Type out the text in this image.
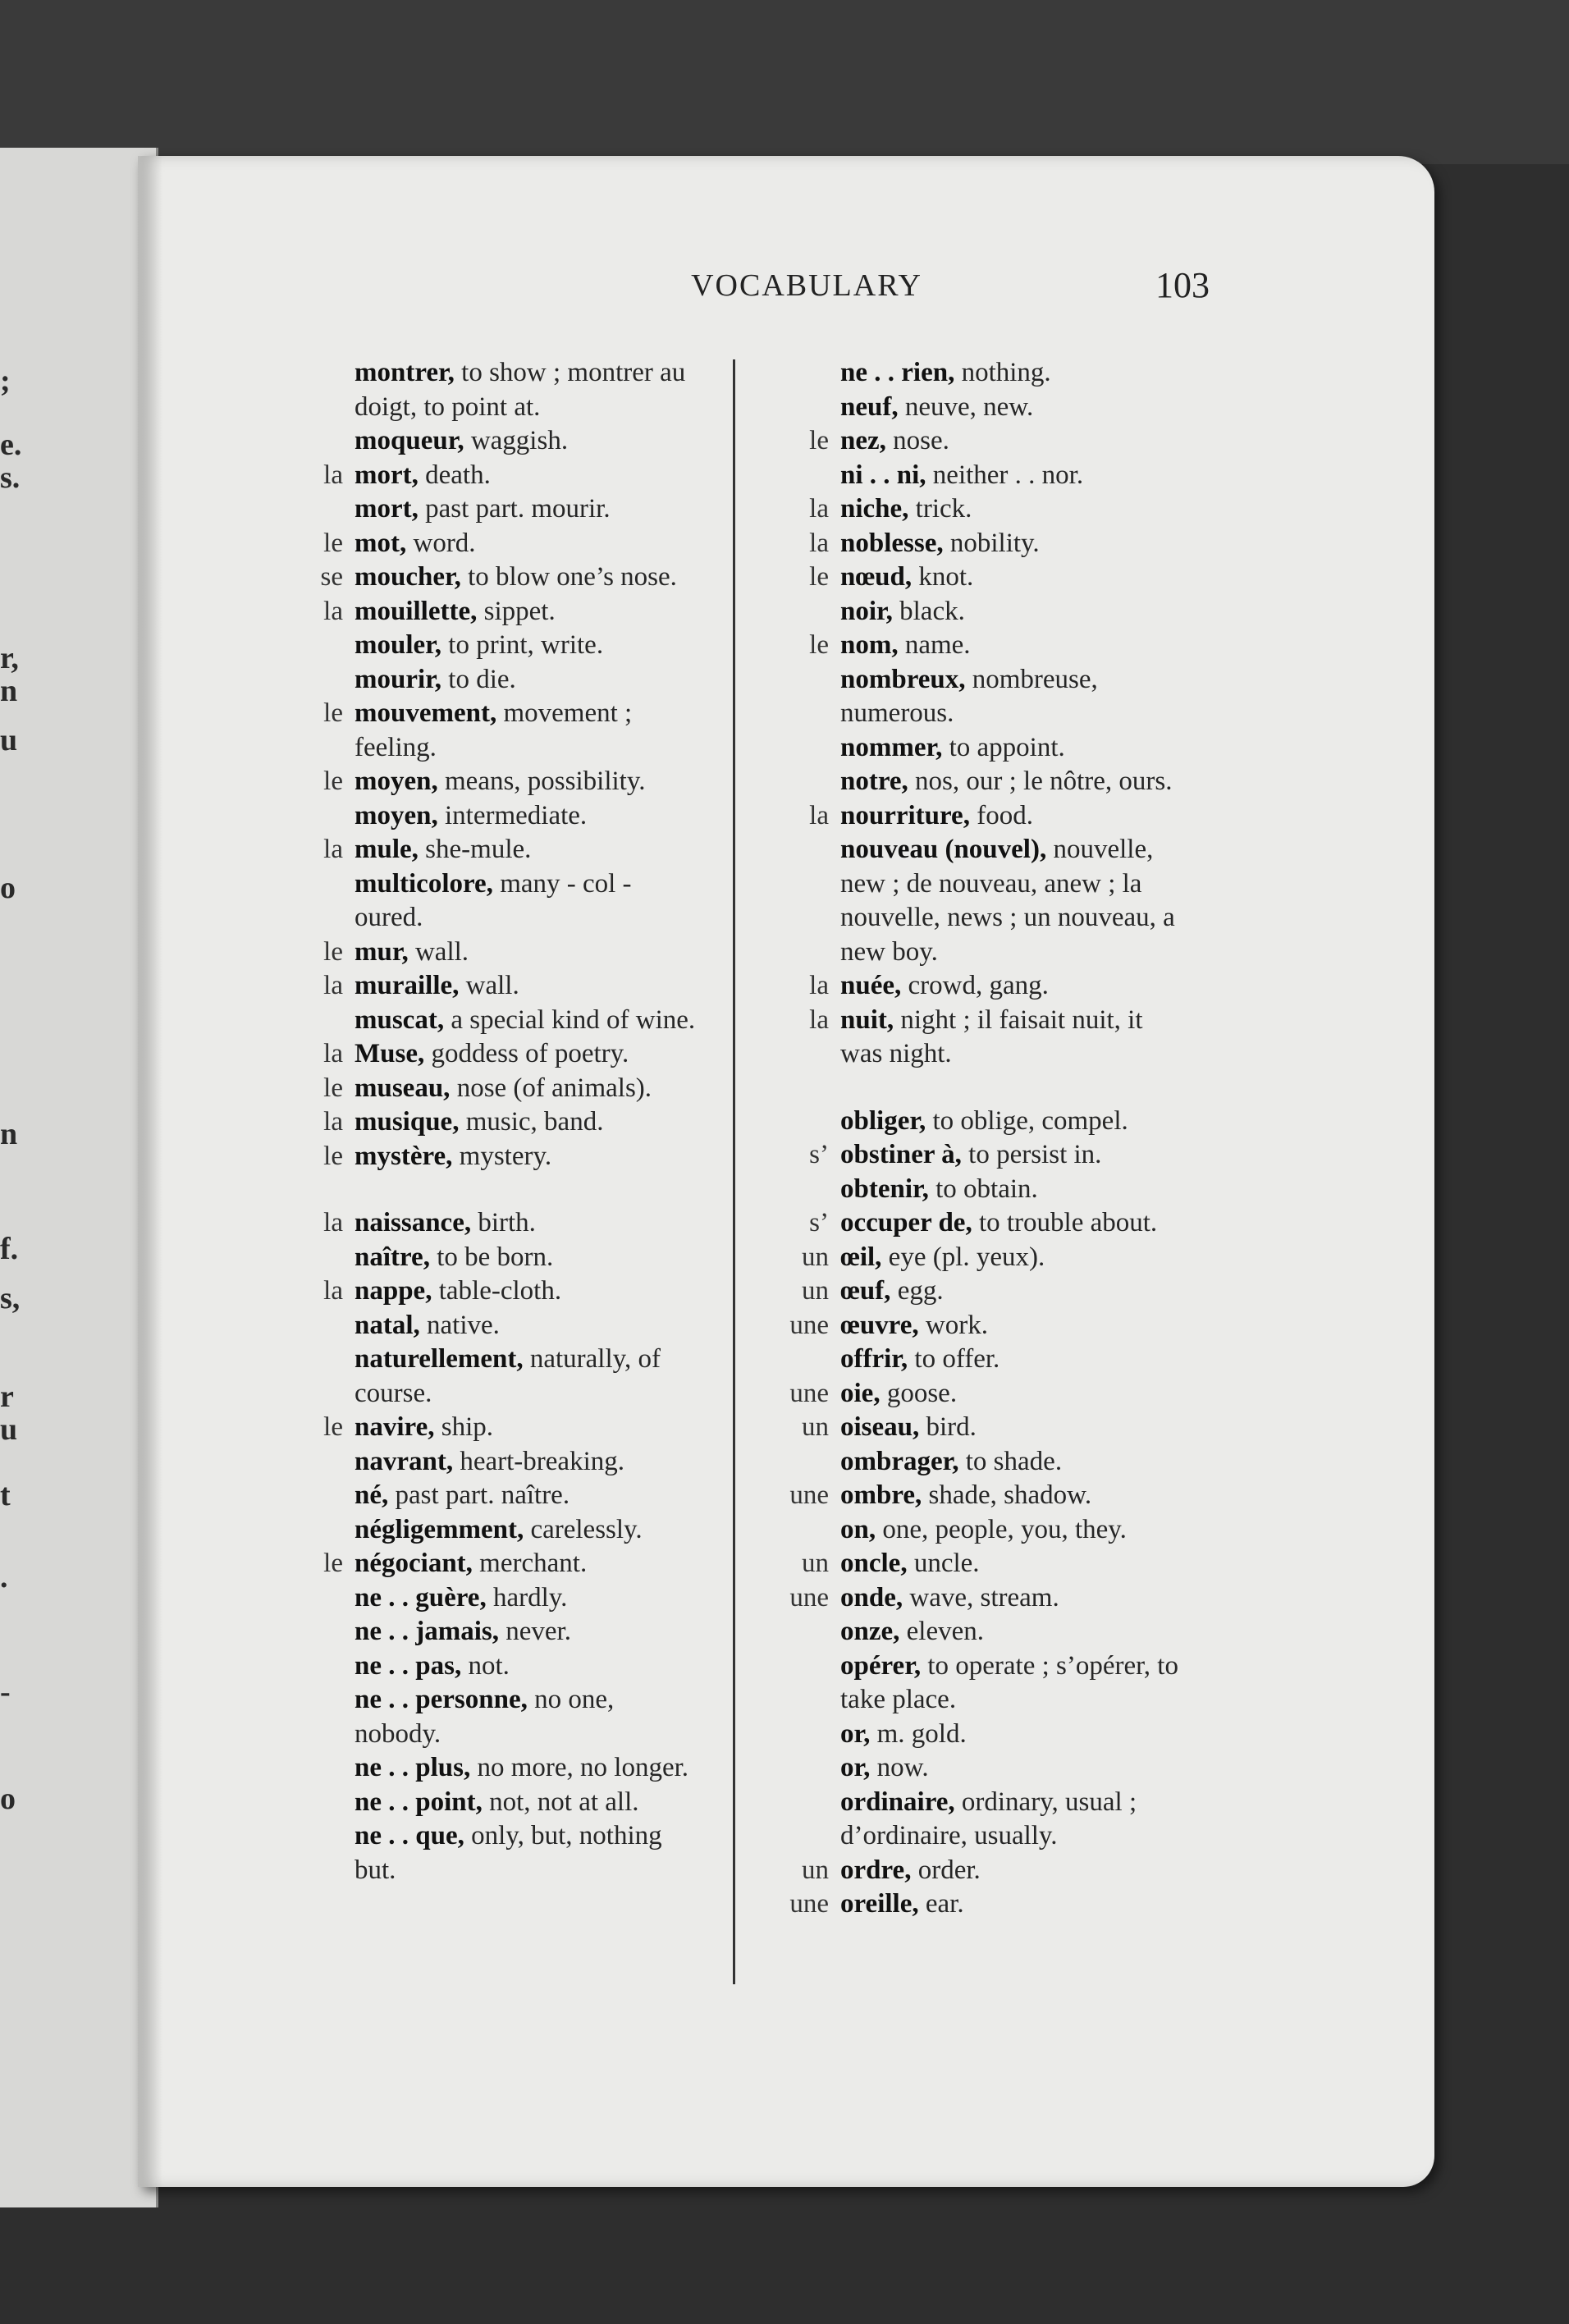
;
e.
s.
r,
n
u
o
n
f.
s,
r
u
t
.
-
o
VOCABULARY	103
montrer, to show ; montrer au doigt, to point at.
moqueur, waggish.
la mort, death.
mort, past part. mourir.
le mot, word.
se moucher, to blow one’s nose.
la mouillette, sippet.
mouler, to print, write.
mourir, to die.
le mouvement, movement ; feeling.
le moyen, means, possibility.
moyen, intermediate.
la mule, she-mule.
multicolore, many - col - oured.
le mur, wall.
la muraille, wall.
muscat, a special kind of wine.
la Muse, goddess of poetry.
le museau, nose (of animals).
la musique, music, band.
le mystère, mystery.
la naissance, birth.
naître, to be born.
la nappe, table-cloth.
natal, native.
naturellement, naturally, of course.
le navire, ship.
navrant, heart-breaking.
né, past part. naître.
négligemment, carelessly.
le négociant, merchant.
ne . . guère, hardly.
ne . . jamais, never.
ne . . pas, not.
ne . . personne, no one, nobody.
ne . . plus, no more, no longer.
ne . . point, not, not at all.
ne . . que, only, but, nothing but.
ne . . rien, nothing.
neuf, neuve, new.
le nez, nose.
ni . . ni, neither . . nor.
la niche, trick.
la noblesse, nobility.
le nœud, knot.
noir, black.
le nom, name.
nombreux, nombreuse, numerous.
nommer, to appoint.
notre, nos, our ; le nôtre, ours.
la nourriture, food.
nouveau (nouvel), nouvelle, new ; de nouveau, anew ; la nouvelle, news ; un nouveau, a new boy.
la nuée, crowd, gang.
la nuit, night ; il faisait nuit, it was night.
obliger, to oblige, compel.
s’ obstiner à, to persist in.
obtenir, to obtain.
s’ occuper de, to trouble about.
un œil, eye (pl. yeux).
un œuf, egg.
une œuvre, work.
offrir, to offer.
une oie, goose.
un oiseau, bird.
ombrager, to shade.
une ombre, shade, shadow.
on, one, people, you, they.
un oncle, uncle.
une onde, wave, stream.
onze, eleven.
opérer, to operate ; s’opérer, to take place.
or, m. gold.
or, now.
ordinaire, ordinary, usual ; d’ordinaire, usually.
un ordre, order.
une oreille, ear.
